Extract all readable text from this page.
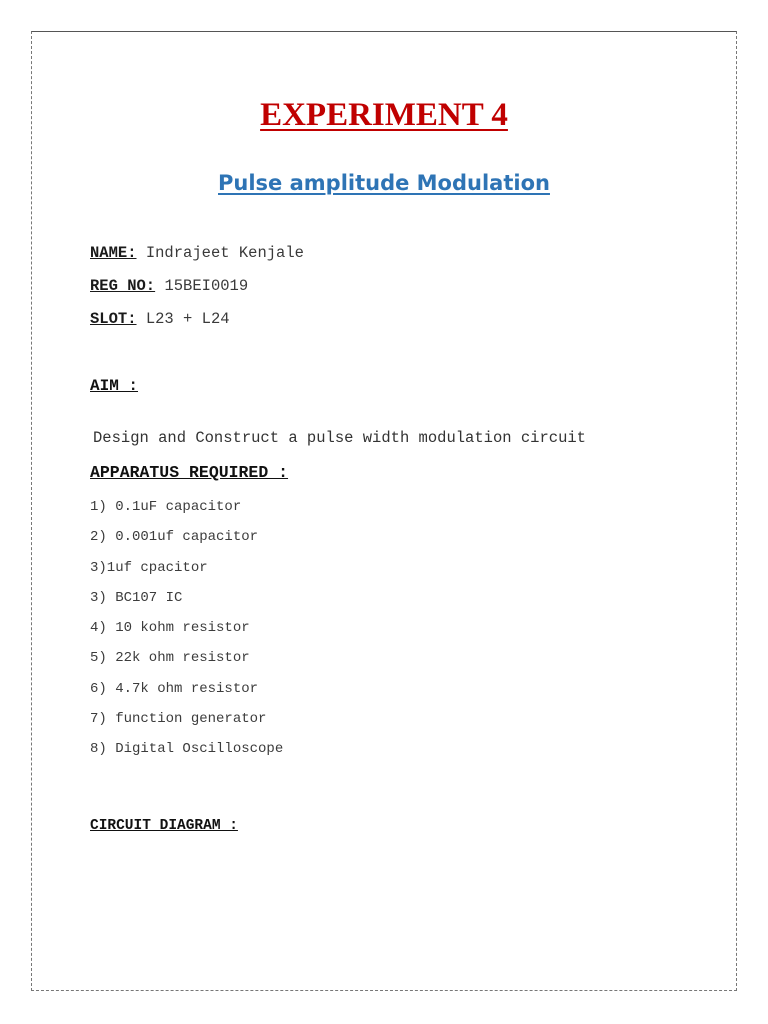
EXPERIMENT 4
Pulse amplitude Modulation
NAME: Indrajeet Kenjale
REG NO: 15BEI0019
SLOT: L23 + L24
AIM :

Design and Construct a pulse width modulation circuit

APPARATUS REQUIRED :
1) 0.1uF capacitor
2) 0.001uf capacitor
3)1uf cpacitor
3) BC107 IC
4) 10 kohm resistor
5) 22k ohm resistor
6) 4.7k ohm resistor
7) function generator
8) Digital Oscilloscope
CIRCUIT DIAGRAM :
